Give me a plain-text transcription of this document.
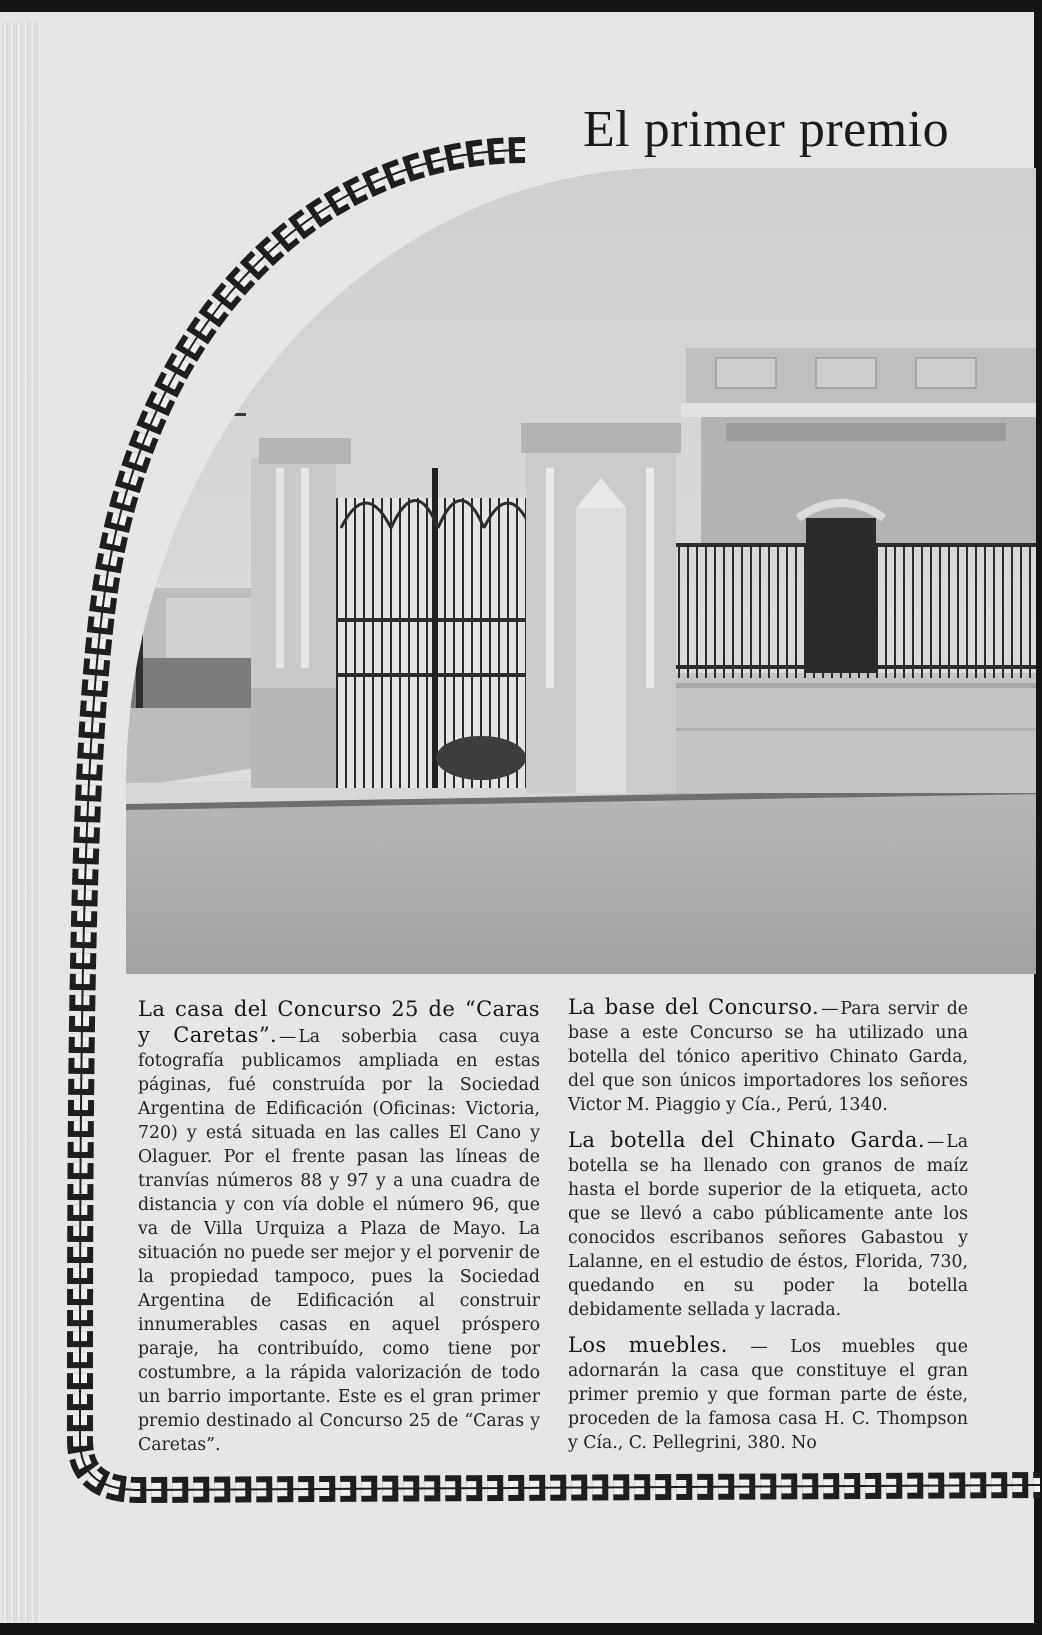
El primer premio

La casa del Concurso 25 de “Caras y Caretas”. — La soberbia casa cuya fotografía publicamos ampliada en estas páginas, fué construída por la Sociedad Argentina de Edificación (Oficinas: Victoria, 720) y está situada en las calles El Cano y Olaguer. Por el frente pasan las líneas de tranvías números 88 y 97 y a una cuadra de distancia y con vía doble el número 96, que va de Villa Urquiza a Plaza de Mayo. La situación no puede ser mejor y el porvenir de la propiedad tampoco, pues la Sociedad Argentina de Edificación al construir innumerables casas en aquel próspero paraje, ha contribuído, como tiene por costumbre, a la rápida valorización de todo un barrio importante. Este es el gran primer premio destinado al Concurso 25 de “Caras y Caretas”.

La base del Concurso. — Para servir de base a este Concurso se ha utilizado una botella del tónico aperitivo Chinato Garda, del que son únicos importadores los señores Victor M. Piaggio y Cía., Perú, 1340.

La botella del Chinato Garda. — La botella se ha llenado con granos de maíz hasta el borde superior de la etiqueta, acto que se llevó a cabo públicamente ante los conocidos escribanos señores Gabastou y Lalanne, en el estudio de éstos, Florida, 730, quedando en su poder la botella debidamente sellada y lacrada.

Los muebles. — Los muebles que adornarán la casa que constituye el gran primer premio y que forman parte de éste, proceden de la famosa casa H. C. Thompson y Cía., C. Pellegrini, 380. No
